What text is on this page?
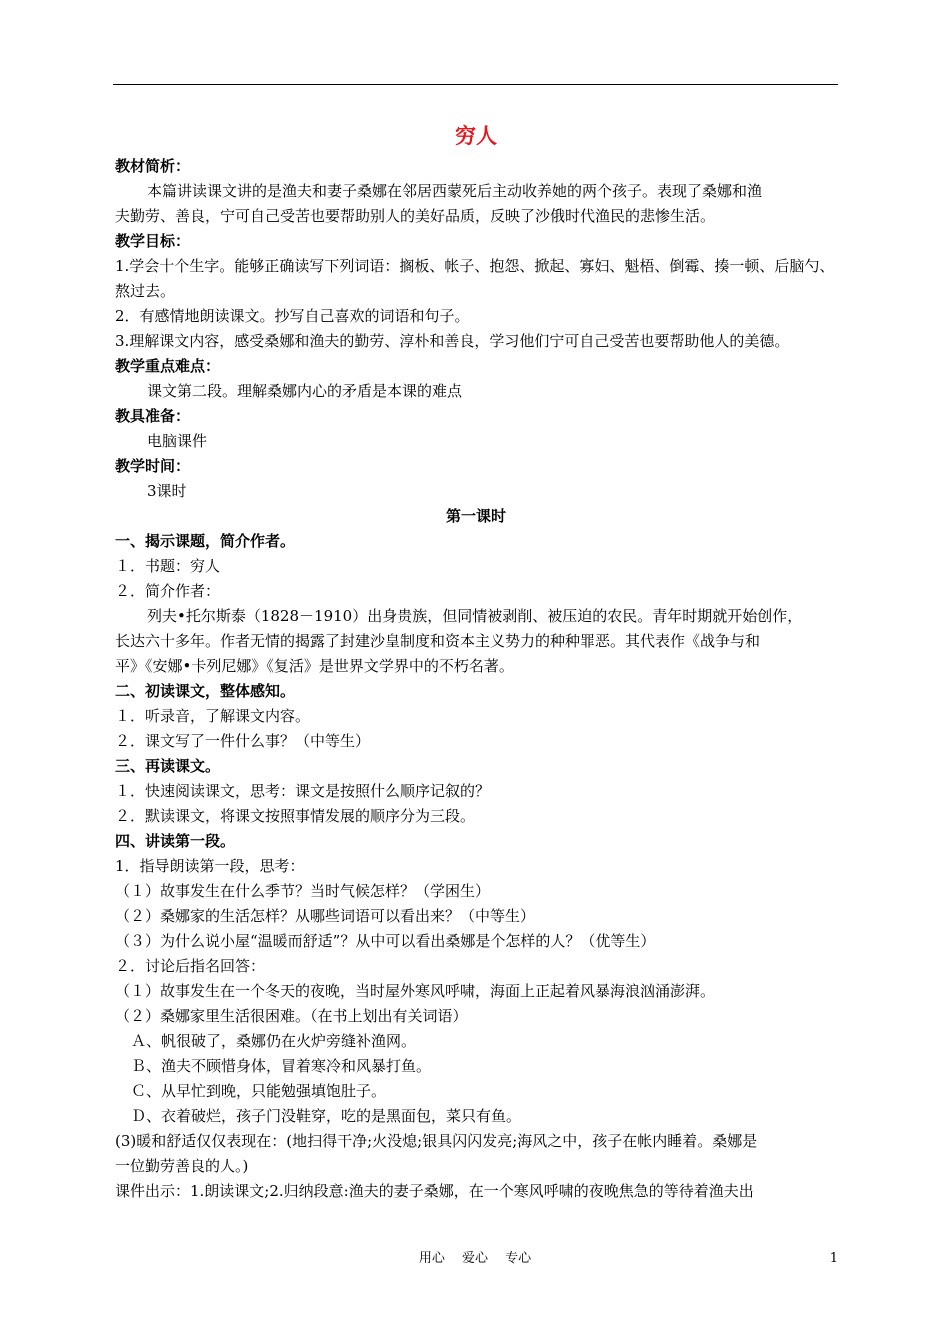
穷人

教材简析：

本篇讲读课文讲的是渔夫和妻子桑娜在邻居西蒙死后主动收养她的两个孩子。表现了桑娜和渔

夫勤劳、善良，宁可自己受苦也要帮助别人的美好品质，反映了沙俄时代渔民的悲惨生活。

教学目标：

1.学会十个生字。能够正确读写下列词语：搁板、帐子、抱怨、掀起、寡妇、魁梧、倒霉、揍一顿、后脑勺、

熬过去。

2．有感情地朗读课文。抄写自己喜欢的词语和句子。

3.理解课文内容，感受桑娜和渔夫的勤劳、淳朴和善良，学习他们宁可自己受苦也要帮助他人的美德。

教学重点难点：

课文第二段。理解桑娜内心的矛盾是本课的难点

教具准备：

电脑课件

教学时间：

3课时

第一课时

一、揭示课题，简介作者。

１．书题：穷人

２．简介作者：

列夫•托尔斯泰（1828－1910）出身贵族，但同情被剥削、被压迫的农民。青年时期就开始创作，

长达六十多年。作者无情的揭露了封建沙皇制度和资本主义势力的种种罪恶。其代表作《战争与和

平》《安娜•卡列尼娜》《复活》是世界文学界中的不朽名著。

二、初读课文，整体感知。

１．听录音，了解课文内容。

２．课文写了一件什么事？（中等生）

三、再读课文。

１．快速阅读课文，思考：课文是按照什么顺序记叙的？

２．默读课文，将课文按照事情发展的顺序分为三段。

四、讲读第一段。

1．指导朗读第一段，思考：

（１）故事发生在什么季节？当时气候怎样？（学困生）

（２）桑娜家的生活怎样？从哪些词语可以看出来？（中等生）

（３）为什么说小屋“温暖而舒适”？从中可以看出桑娜是个怎样的人？（优等生）

２．讨论后指名回答：

（１）故事发生在一个冬天的夜晚，当时屋外寒风呼啸，海面上正起着风暴海浪汹涌澎湃。

（２）桑娜家里生活很困难。（在书上划出有关词语）

Ａ、帆很破了，桑娜仍在火炉旁缝补渔网。

Ｂ、渔夫不顾惜身体，冒着寒冷和风暴打鱼。

Ｃ、从早忙到晚，只能勉强填饱肚子。

Ｄ、衣着破烂，孩子门没鞋穿，吃的是黑面包，菜只有鱼。

(3)暖和舒适仅仅表现在：(地扫得干净;火没熄;银具闪闪发亮;海风之中，孩子在帐内睡着。桑娜是

一位勤劳善良的人。)

课件出示：1.朗读课文;2.归纳段意:渔夫的妻子桑娜，在一个寒风呼啸的夜晚焦急的等待着渔夫出

用心　 爱心　 专心	1
